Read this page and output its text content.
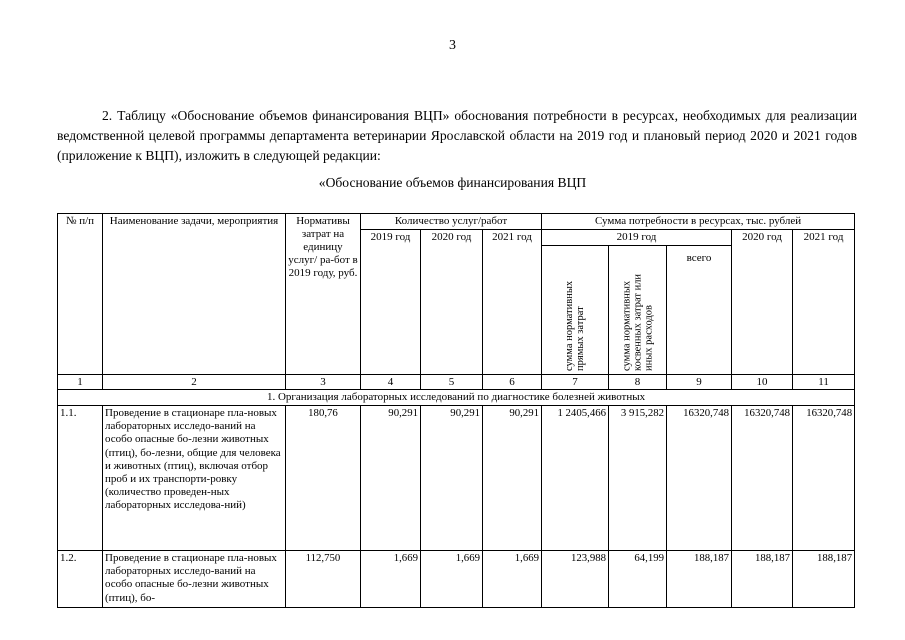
3

2. Таблицу «Обоснование объемов финансирования ВЦП» обоснования потребности в ресурсах, необходимых для реализации ведомственной целевой программы департамента ветеринарии Ярославской области на 2019 год и плановый период 2020 и 2021 годов (приложение к ВЦП), изложить в следующей редакции:

«Обоснование объемов финансирования ВЦП
№ п/п	Наименование задачи, мероприятия	Нормативы затрат на единицу услуг/ ра-бот в 2019 году, руб.	Количество услуг/работ			Сумма потребности в ресурсах, тыс. рублей				
			2019 год	2020 год	2021 год	2019 год			2020 год	2021 год

						сумма нормативных прямых затрат	сумма нормативных косвенных затрат или иных расходов	всего		
1	2	3	4	5	6	7	8	9	10	11
1. Организация лабораторных исследований по диагностике болезней животных										
1.1.	Проведение в стационаре пла-новых лабораторных исследо-ваний на особо опасные бо-лезни животных (птиц), бо-лезни, общие для человека и животных (птиц), включая отбор проб и их транспорти-ровку (количество проведен-ных лабораторных исследова-ний)	180,76	90,291	90,291	90,291	1 2405,466	3 915,282	16320,748	16320,748	16320,748
1.2.	Проведение в стационаре пла-новых лабораторных исследо-ваний на особо опасные бо-лезни животных (птиц), бо-	112,750	1,669	1,669	1,669	123,988	64,199	188,187	188,187	188,187
